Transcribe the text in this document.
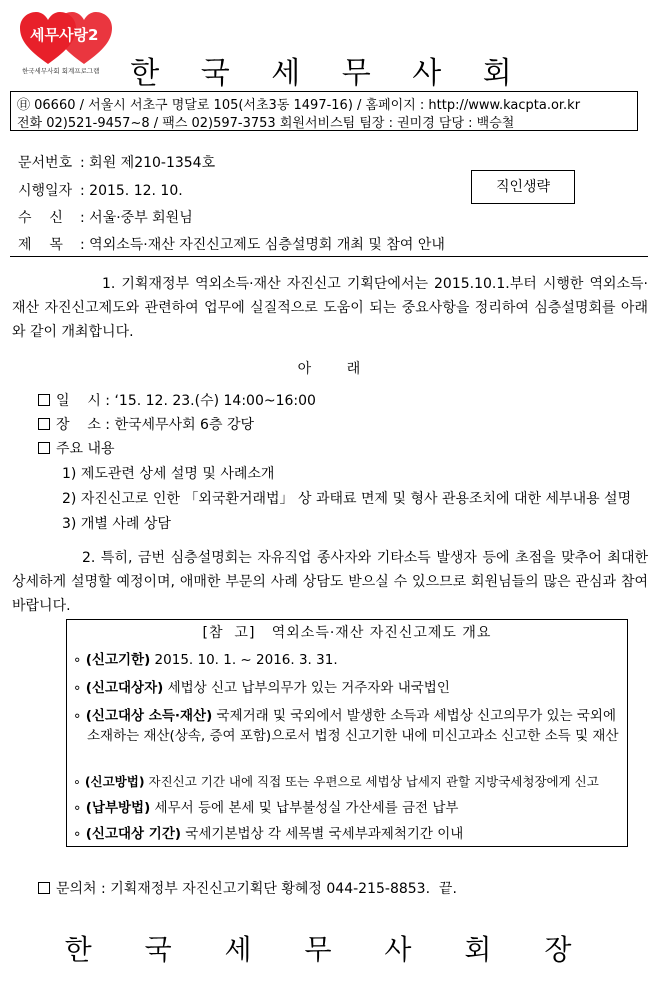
세무사랑2
한국세무사회 회계프로그램	한 국 세 무 사 회
㊐ 06660 / 서울시 서초구 명달로 105(서초3동 1497-16) / 홈페이지 : http://www.kacpta.or.kr
전화 02)521-9457~8 / 팩스 02)597-3753 회원서비스팀 팀장 : 권미경 담당 : 백승철
문서번호 : 회원 제210-1354호
시행일자 : 2015. 12. 10.
수    신 : 서울·중부 회원님
제    목 : 역외소득·재산 자진신고제도 심층설명회 개최 및 참여 안내
직인생략
1. 기획재정부 역외소득·재산 자진신고 기획단에서는 2015.10.1.부터 시행한 역외소득·재산 자진신고제도와 관련하여 업무에 실질적으로 도움이 되는 중요사항을 정리하여 심층설명회를 아래와 같이 개최합니다.
아        래
일    시 : ‘15. 12. 23.(수) 14:00~16:00
장    소 : 한국세무사회 6층 강당
주요 내용
1) 제도관련 상세 설명 및 사례소개
2) 자진신고로 인한 「외국환거래법」 상 과태료 면제 및 형사 관용조치에 대한 세부내용 설명
3) 개별 사례 상담
2. 특히, 금번 심층설명회는 자유직업 종사자와 기타소득 발생자 등에 초점을 맞추어 최대한 상세하게 설명할 예정이며, 애매한 부문의 사례 상담도 받으실 수 있으므로 회원님들의 많은 관심과 참여 바랍니다.
[참  고]   역외소득·재산 자진신고제도 개요
∘ (신고기한) 2015. 10. 1. ~ 2016. 3. 31.
∘ (신고대상자) 세법상 신고 납부의무가 있는 거주자와 내국법인
∘ (신고대상 소득·재산) 국제거래 및 국외에서 발생한 소득과 세법상 신고의무가 있는 국외에 소재하는 재산(상속, 증여 포함)으로서 법정 신고기한 내에 미신고과소 신고한 소득 및 재산
∘ (신고방법) 자진신고 기간 내에 직접 또는 우편으로 세법상 납세지 관할 지방국세청장에게 신고
∘ (납부방법) 세무서 등에 본세 및 납부불성실 가산세를 금전 납부
∘ (신고대상 기간) 국세기본법상 각 세목별 국세부과제척기간 이내
문의처 : 기획재정부 자진신고기획단 황혜정 044-215-8853.  끝.
한 국 세 무 사 회 장
